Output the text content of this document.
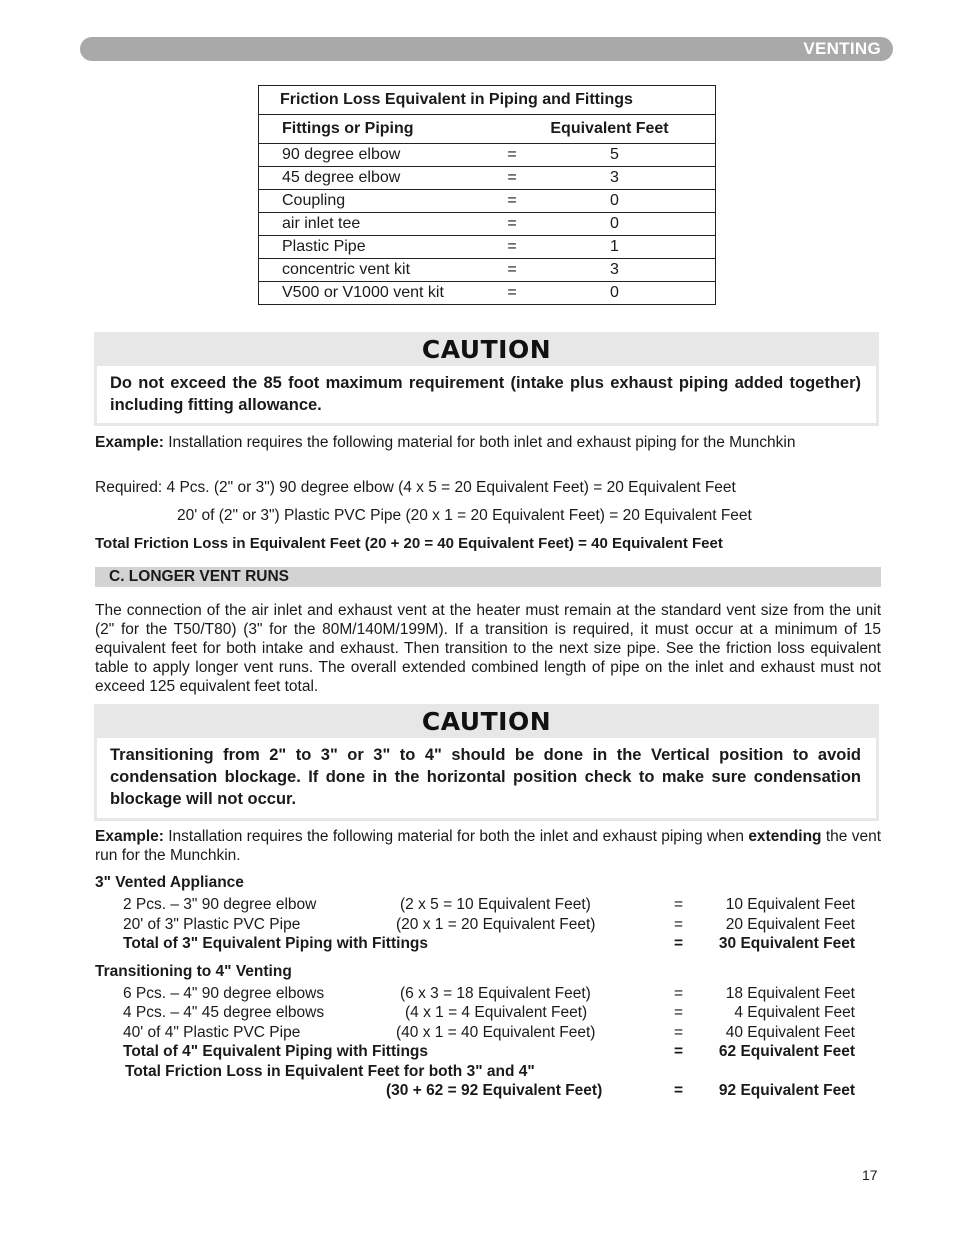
VENTING
Friction Loss Equivalent in Piping and Fittings		
Fittings or Piping		Equivalent Feet
90 degree elbow	=	5
45 degree elbow	=	3
Coupling	=	0
air inlet tee	=	0
Plastic Pipe	=	1
concentric vent kit	=	3
V500 or V1000 vent kit	=	0
CAUTION
Do not exceed the 85 foot maximum requirement (intake plus exhaust piping added together) including fitting allowance.
Example: Installation requires the following material for both inlet and exhaust piping for the Munchkin
Required: 4 Pcs. (2" or 3") 90 degree elbow (4 x 5 = 20 Equivalent Feet) = 20 Equivalent Feet
20' of (2" or 3") Plastic PVC Pipe (20 x 1 = 20 Equivalent Feet) = 20 Equivalent Feet
Total Friction Loss in Equivalent Feet (20 + 20 = 40 Equivalent Feet) = 40 Equivalent Feet
C. LONGER VENT RUNS
The connection of the air inlet and exhaust vent at the heater must remain at the standard vent size from the unit (2" for the T50/T80) (3" for the 80M/140M/199M). If a transition is required, it must occur at a minimum of 15 equivalent feet for both intake and exhaust. Then transition to the next size pipe. See the friction loss equivalent table to apply longer vent runs. The overall extended combined length of pipe on the inlet and exhaust must not exceed 125 equivalent feet total.
CAUTION
Transitioning from 2" to 3" or 3" to 4" should be done in the Vertical position to avoid condensation blockage. If done in the horizontal position check to make sure condensation blockage will not occur.
Example: Installation requires the following material for both the inlet and exhaust piping when extending the vent run for the Munchkin.
3" Vented Appliance
2 Pcs. – 3" 90 degree elbow	(2 x 5 = 10 Equivalent Feet)	=	10 Equivalent Feet
20' of 3" Plastic PVC Pipe	(20 x 1 = 20 Equivalent Feet)	=	20 Equivalent Feet
Total of 3" Equivalent Piping with Fittings	= 30 Equivalent Feet
Transitioning to 4" Venting
6 Pcs. – 4" 90 degree elbows	(6 x 3 = 18 Equivalent Feet)	=	18 Equivalent Feet
4 Pcs. – 4" 45 degree elbows	(4 x 1 = 4 Equivalent Feet)	=	4 Equivalent Feet
40' of 4" Plastic PVC Pipe	(40 x 1 = 40 Equivalent Feet)	=	40 Equivalent Feet
Total of 4" Equivalent Piping with Fittings	= 62 Equivalent Feet
Total Friction Loss in Equivalent Feet for both 3" and 4"
(30 + 62 = 92 Equivalent Feet)	= 92 Equivalent Feet
17
